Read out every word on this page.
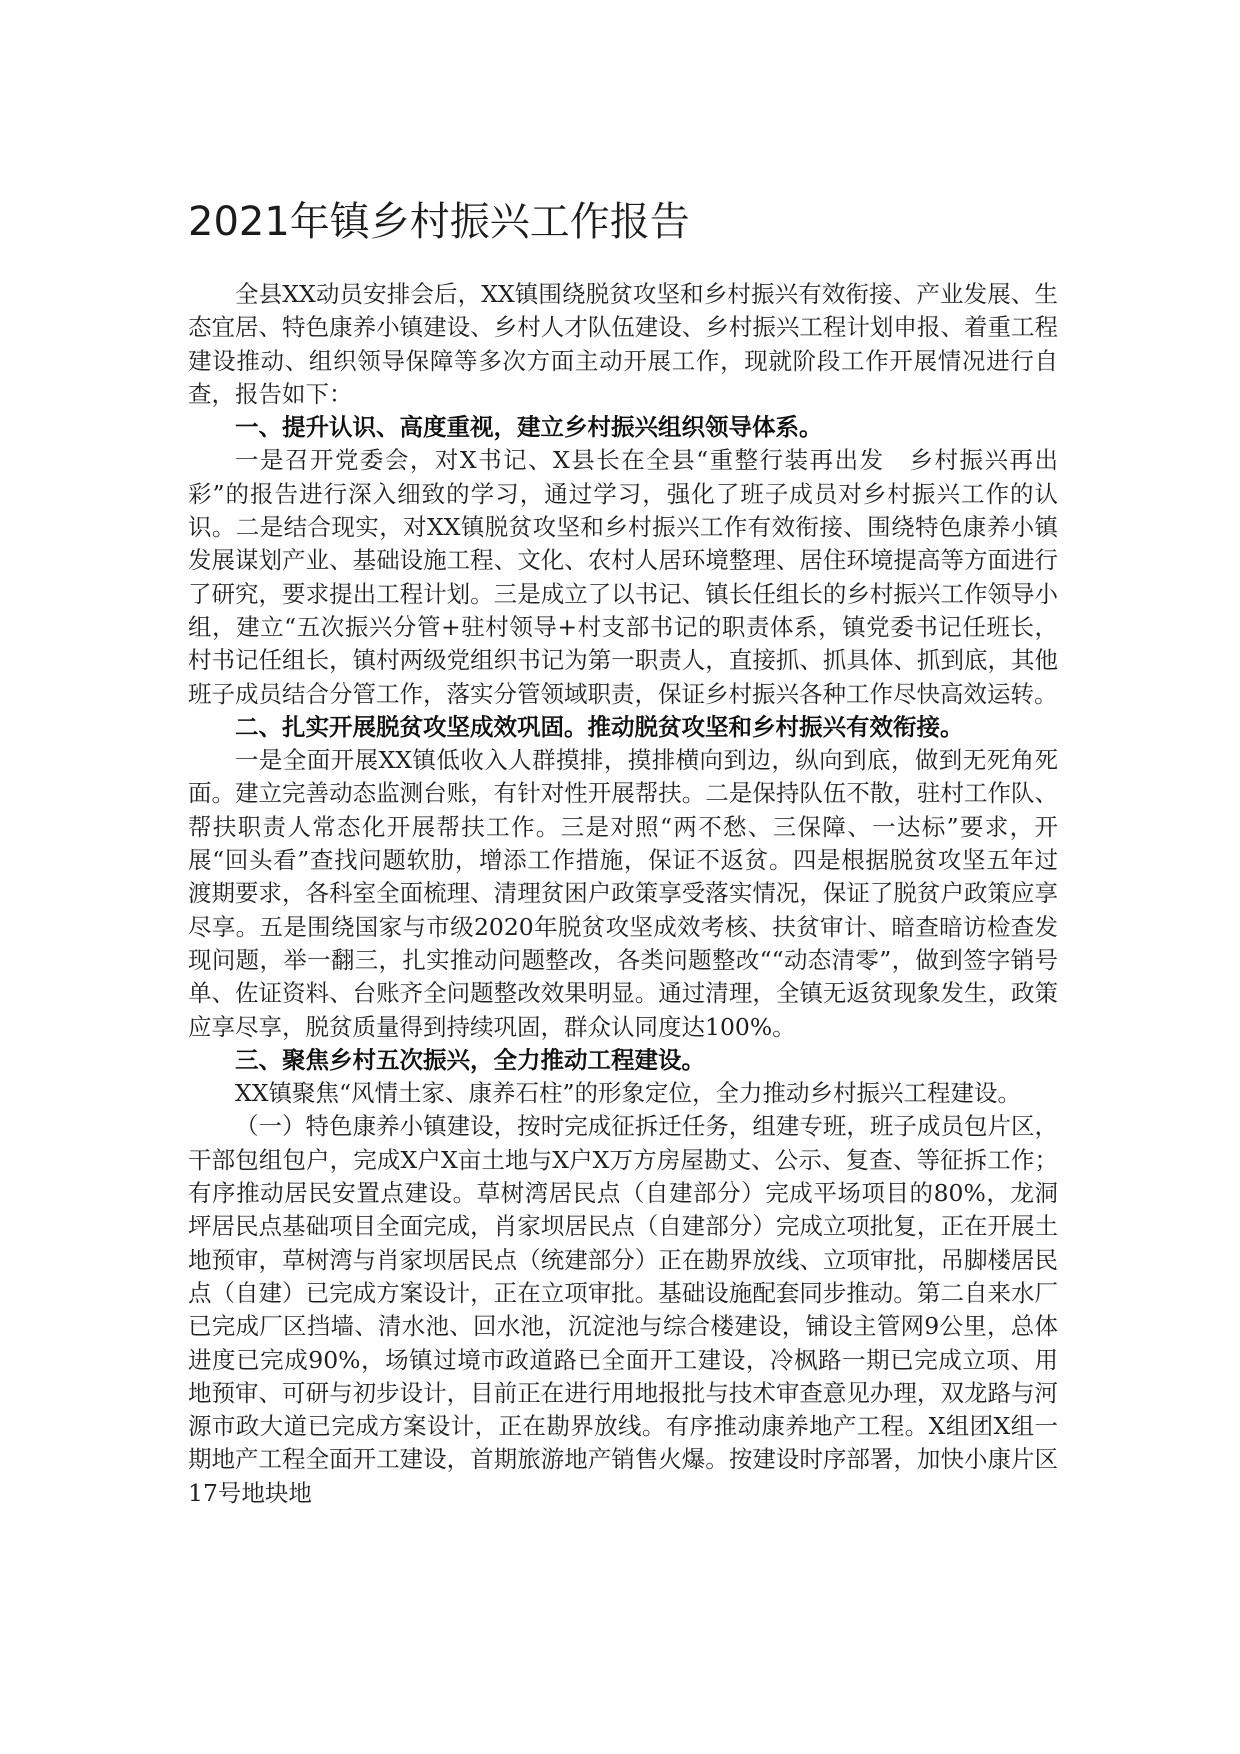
2021年镇乡村振兴工作报告

全县XX动员安排会后，XX镇围绕脱贫攻坚和乡村振兴有效衔接、产业发展、生态宜居、特色康养小镇建设、乡村人才队伍建设、乡村振兴工程计划申报、着重工程建设推动、组织领导保障等多次方面主动开展工作，现就阶段工作开展情况进行自查，报告如下：

一、提升认识、高度重视，建立乡村振兴组织领导体系。

一是召开党委会，对X书记、X县长在全县“重整行装再出发　乡村振兴再出彩”的报告进行深入细致的学习，通过学习，强化了班子成员对乡村振兴工作的认识。二是结合现实，对XX镇脱贫攻坚和乡村振兴工作有效衔接、围绕特色康养小镇发展谋划产业、基础设施工程、文化、农村人居环境整理、居住环境提高等方面进行了研究，要求提出工程计划。三是成立了以书记、镇长任组长的乡村振兴工作领导小组，建立“五次振兴分管+驻村领导+村支部书记的职责体系，镇党委书记任班长，村书记任组长，镇村两级党组织书记为第一职责人，直接抓、抓具体、抓到底，其他班子成员结合分管工作，落实分管领域职责，保证乡村振兴各种工作尽快高效运转。

二、扎实开展脱贫攻坚成效巩固。推动脱贫攻坚和乡村振兴有效衔接。

一是全面开展XX镇低收入人群摸排，摸排横向到边，纵向到底，做到无死角死面。建立完善动态监测台账，有针对性开展帮扶。二是保持队伍不散，驻村工作队、帮扶职责人常态化开展帮扶工作。三是对照“两不愁、三保障、一达标”要求，开展“回头看”查找问题软肋，增添工作措施，保证不返贫。四是根据脱贫攻坚五年过渡期要求，各科室全面梳理、清理贫困户政策享受落实情况，保证了脱贫户政策应享尽享。五是围绕国家与市级2020年脱贫攻坚成效考核、扶贫审计、暗查暗访检查发现问题，举一翻三，扎实推动问题整改，各类问题整改““动态清零”，做到签字销号单、佐证资料、台账齐全问题整改效果明显。通过清理，全镇无返贫现象发生，政策应享尽享，脱贫质量得到持续巩固，群众认同度达100%。

三、聚焦乡村五次振兴，全力推动工程建设。

XX镇聚焦“风情土家、康养石柱”的形象定位，全力推动乡村振兴工程建设。

（一）特色康养小镇建设，按时完成征拆迁任务，组建专班，班子成员包片区，干部包组包户，完成X户X亩土地与X户X万方房屋勘丈、公示、复查、等征拆工作；有序推动居民安置点建设。草树湾居民点（自建部分）完成平场项目的80%，龙洞坪居民点基础项目全面完成，肖家坝居民点（自建部分）完成立项批复，正在开展土地预审，草树湾与肖家坝居民点（统建部分）正在勘界放线、立项审批，吊脚楼居民点（自建）已完成方案设计，正在立项审批。基础设施配套同步推动。第二自来水厂已完成厂区挡墙、清水池、回水池，沉淀池与综合楼建设，铺设主管网9公里，总体进度已完成90%，场镇过境市政道路已全面开工建设，冷枫路一期已完成立项、用地预审、可研与初步设计，目前正在进行用地报批与技术审查意见办理，双龙路与河源市政大道已完成方案设计，正在勘界放线。有序推动康养地产工程。X组团X组一期地产工程全面开工建设，首期旅游地产销售火爆。按建设时序部署，加快小康片区17号地块地
